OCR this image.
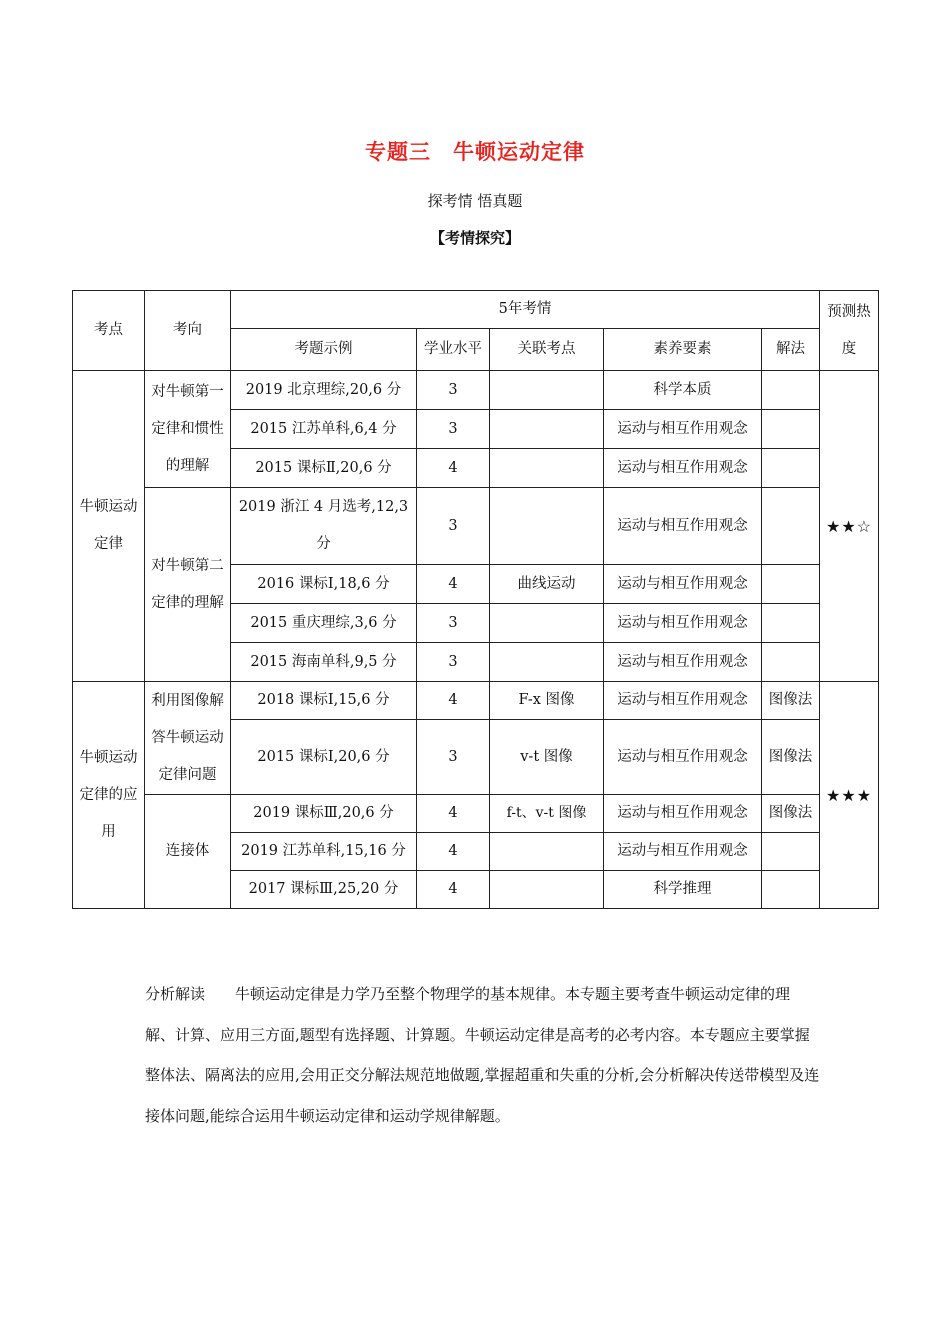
专题三　牛顿运动定律
探考情 悟真题
【考情探究】
考点	考向	5年考情					预测热度
		考题示例	学业水平	关联考点	素养要素	解法	
牛顿运动定律	对牛顿第一定律和惯性的理解	2019 北京理综,20,6 分	3		科学本质		★★☆
		2015 江苏单科,6,4 分	3		运动与相互作用观念		
		2015 课标Ⅱ,20,6 分	4		运动与相互作用观念		
	对牛顿第二定律的理解	2019 浙江 4 月选考,12,3 分	3		运动与相互作用观念		
		2016 课标Ⅰ,18,6 分	4	曲线运动	运动与相互作用观念		
		2015 重庆理综,3,6 分	3		运动与相互作用观念		
		2015 海南单科,9,5 分	3		运动与相互作用观念		
牛顿运动定律的应用	利用图像解答牛顿运动定律问题	2018 课标Ⅰ,15,6 分	4	F-x 图像	运动与相互作用观念	图像法	★★★
		2015 课标Ⅰ,20,6 分	3	v-t 图像	运动与相互作用观念	图像法	
	连接体	2019 课标Ⅲ,20,6 分	4	f-t、v-t 图像	运动与相互作用观念	图像法	
		2019 江苏单科,15,16 分	4		运动与相互作用观念		
		2017 课标Ⅲ,25,20 分	4		科学推理		
分析解读 牛顿运动定律是力学乃至整个物理学的基本规律。本专题主要考查牛顿运动定律的理解、计算、应用三方面,题型有选择题、计算题。牛顿运动定律是高考的必考内容。本专题应主要掌握整体法、隔离法的应用,会用正交分解法规范地做题,掌握超重和失重的分析,会分析解决传送带模型及连接体问题,能综合运用牛顿运动定律和运动学规律解题。
